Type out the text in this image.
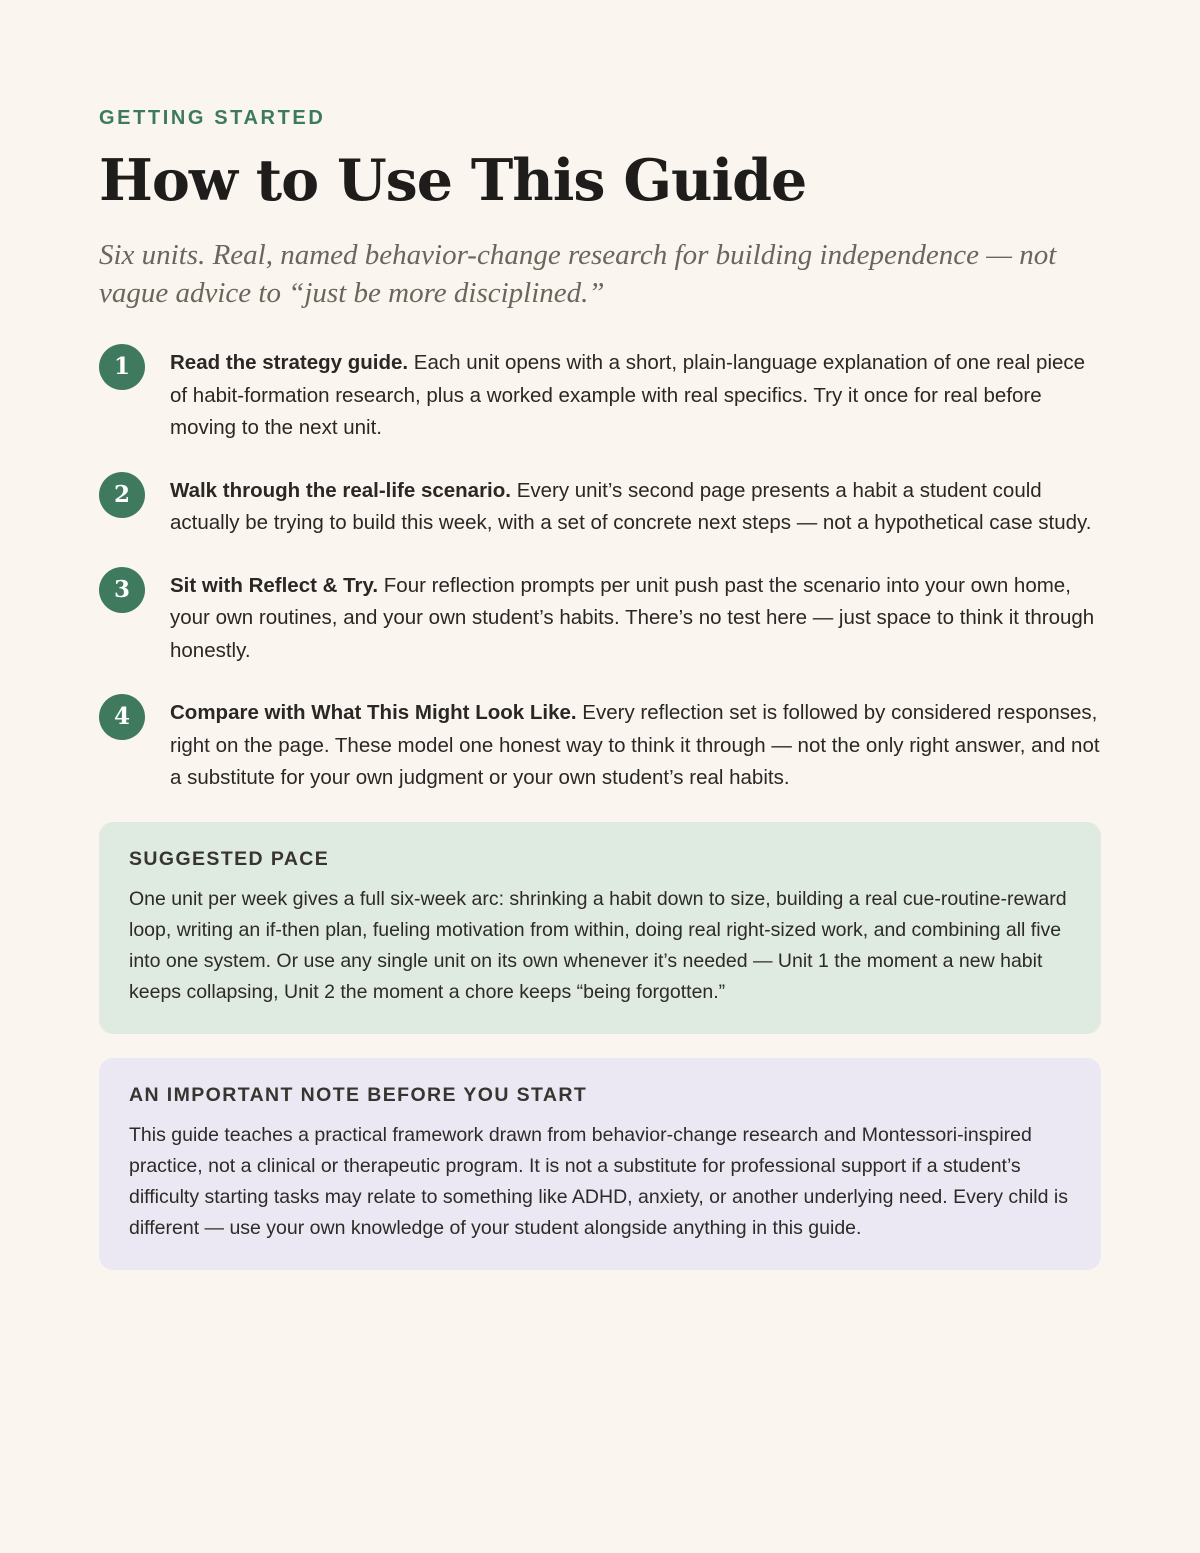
GETTING STARTED

How to Use This Guide

Six units. Real, named behavior-change research for building independence — not vague advice to “just be more disciplined.”

1	Read the strategy guide. Each unit opens with a short, plain-language explanation of one real piece of habit-formation research, plus a worked example with real specifics. Try it once for real before moving to the next unit.

2	Walk through the real-life scenario. Every unit’s second page presents a habit a student could actually be trying to build this week, with a set of concrete next steps — not a hypothetical case study.

3	Sit with Reflect & Try. Four reflection prompts per unit push past the scenario into your own home, your own routines, and your own student’s habits. There’s no test here — just space to think it through honestly.

4	Compare with What This Might Look Like. Every reflection set is followed by considered responses, right on the page. These model one honest way to think it through — not the only right answer, and not a substitute for your own judgment or your own student’s real habits.

SUGGESTED PACE

One unit per week gives a full six-week arc: shrinking a habit down to size, building a real cue-routine-reward loop, writing an if-then plan, fueling motivation from within, doing real right-sized work, and combining all five into one system. Or use any single unit on its own whenever it’s needed — Unit 1 the moment a new habit keeps collapsing, Unit 2 the moment a chore keeps “being forgotten.”

AN IMPORTANT NOTE BEFORE YOU START

This guide teaches a practical framework drawn from behavior-change research and Montessori-inspired practice, not a clinical or therapeutic program. It is not a substitute for professional support if a student’s difficulty starting tasks may relate to something like ADHD, anxiety, or another underlying need. Every child is different — use your own knowledge of your student alongside anything in this guide.
